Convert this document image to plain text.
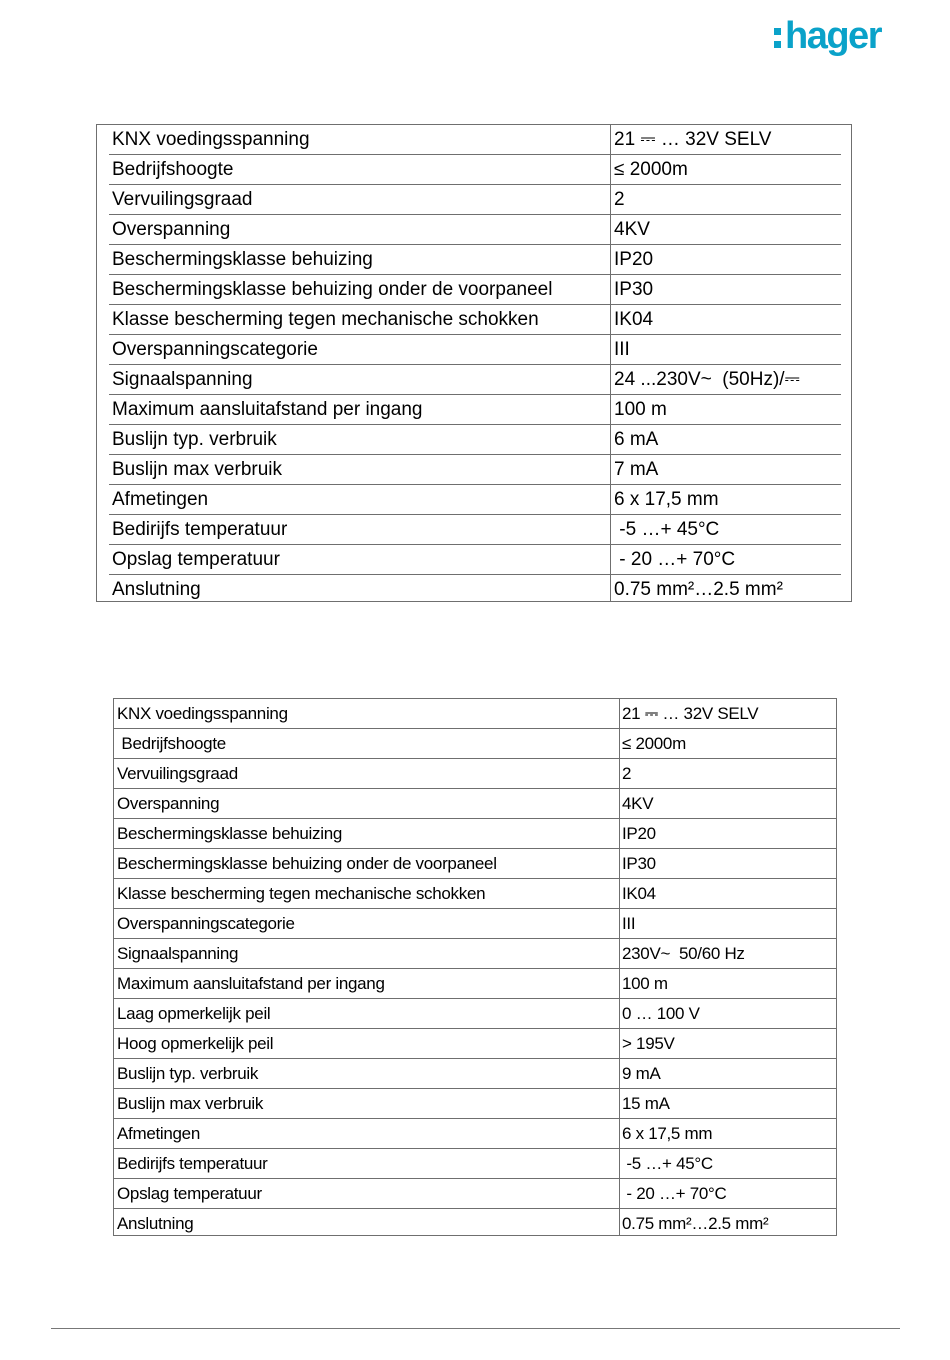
hager
KNX voedingsspanning	21 ⎓ … 32V SELV
Bedrijfshoogte	≤ 2000m
Vervuilingsgraad	2
Overspanning	4KV
Beschermingsklasse behuizing	IP20
Beschermingsklasse behuizing onder de voorpaneel	IP30
Klasse bescherming tegen mechanische schokken	IK04
Overspanningscategorie	III
Signaalspanning	24 ...230V~  (50Hz)/⎓
Maximum aansluitafstand per ingang	100 m
Buslijn typ. verbruik	6 mA
Buslijn max verbruik	7 mA
Afmetingen	6 x 17,5 mm
Bedirijfs temperatuur	-5 …+ 45°C
Opslag temperatuur	- 20 …+ 70°C
Anslutning	0.75 mm²…2.5 mm²
KNX voedingsspanning	21 ⎓ … 32V SELV
Bedrijfshoogte	≤ 2000m
Vervuilingsgraad	2
Overspanning	4KV
Beschermingsklasse behuizing	IP20
Beschermingsklasse behuizing onder de voorpaneel	IP30
Klasse bescherming tegen mechanische schokken	IK04
Overspanningscategorie	III
Signaalspanning	230V~  50/60 Hz
Maximum aansluitafstand per ingang	100 m
Laag opmerkelijk peil	0 … 100 V
Hoog opmerkelijk peil	> 195V
Buslijn typ. verbruik	9 mA
Buslijn max verbruik	15 mA
Afmetingen	6 x 17,5 mm
Bedirijfs temperatuur	-5 …+ 45°C
Opslag temperatuur	- 20 …+ 70°C
Anslutning	0.75 mm²…2.5 mm²
